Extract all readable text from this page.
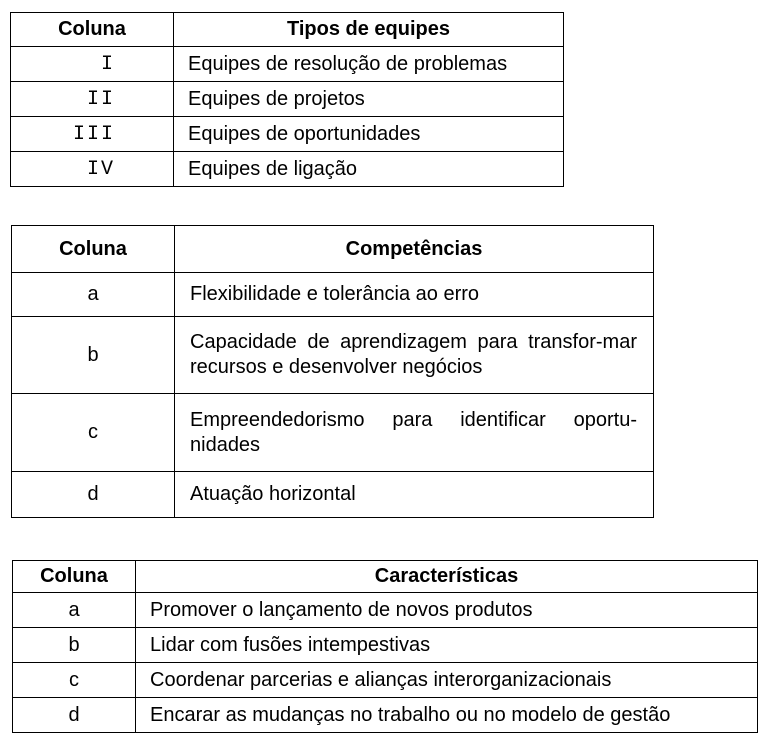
Coluna	Tipos de equipes
I	Equipes de resolução de problemas
II	Equipes de projetos
III	Equipes de oportunidades
IV	Equipes de ligação
Coluna	Competências
a	Flexibilidade e tolerância ao erro
b	Capacidade de aprendizagem para transfor-mar recursos e desenvolver negócios
c	Empreendedorismo para identificar oportu-nidades
d	Atuação horizontal
Coluna	Características
a	Promover o lançamento de novos produtos
b	Lidar com fusões intempestivas
c	Coordenar parcerias e alianças interorganizacionais
d	Encarar as mudanças no trabalho ou no modelo de gestão
